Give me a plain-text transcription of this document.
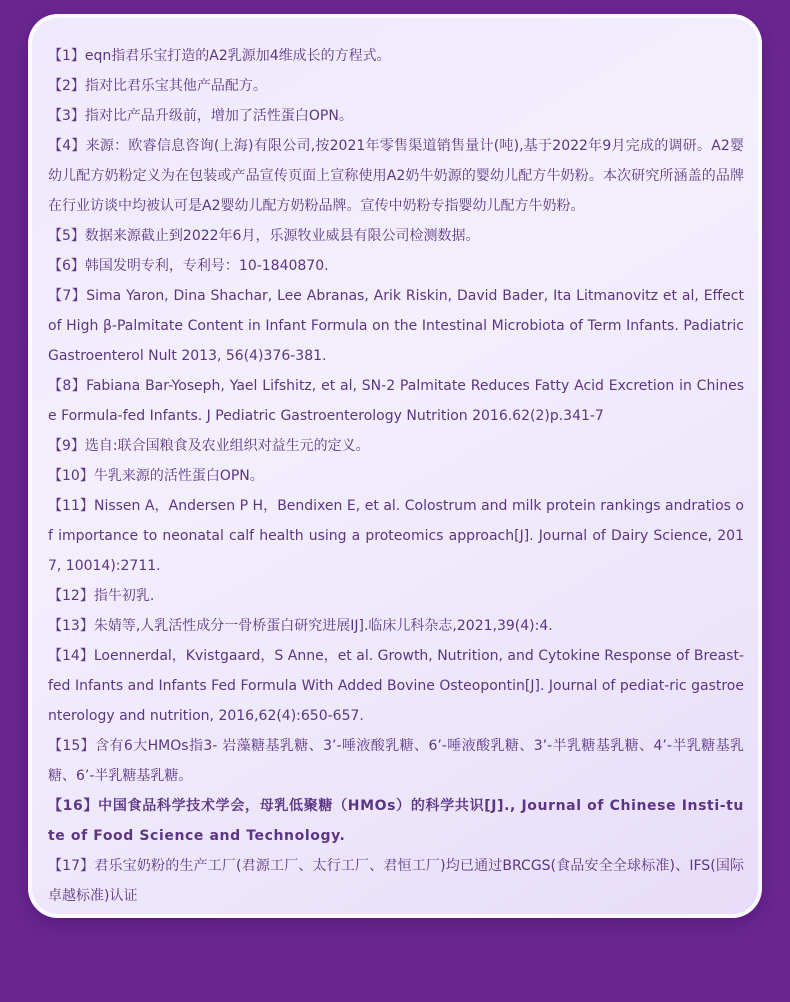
【1】eqn指君乐宝打造的A2乳源加4维成长的方程式。

【2】指对比君乐宝其他产品配方。

【3】指对比产品升级前，增加了活性蛋白OPN。

【4】来源：欧睿信息咨询(上海)有限公司,按2021年零售渠道销售量计(吨),基于2022年9月完成的调研。A2婴幼儿配方奶粉定义为在包装或产品宣传页面上宣称使用A2奶牛奶源的婴幼儿配方牛奶粉。本次研究所涵盖的品牌在行业访谈中均被认可是A2婴幼儿配方奶粉品牌。宣传中奶粉专指婴幼儿配方牛奶粉。

【5】数据来源截止到2022年6月，乐源牧业威县有限公司检测数据。

【6】韩国发明专利，专利号：10-1840870.

【7】Sima Yaron, Dina Shachar, Lee Abranas, Arik Riskin, David Bader, Ita Litmanovitz et al, Effect of High β-Palmitate Content in Infant Formula on the Intestinal Microbiota of Term Infants. Padiatric Gastroenterol Nult 2013, 56(4)376-381.

【8】Fabiana Bar-Yoseph, Yael Lifshitz, et al, SN-2 Palmitate Reduces Fatty Acid Excretion in Chinese Formula-fed Infants. J Pediatric Gastroenterology Nutrition 2016.62(2)p.341-7

【9】选自:联合国粮食及农业组织对益生元的定义。

【10】牛乳来源的活性蛋白OPN。

【11】Nissen A，Andersen P H，Bendixen E, et al. Colostrum and milk protein rankings andratios of importance to neonatal calf health using a proteomics approach[J]. Journal of Dairy Science, 2017, 10014):2711.

【12】指牛初乳.

【13】朱婧等,人乳活性成分一骨桥蛋白研究进展IJ].临床儿科杂志,2021,39(4):4.

【14】Loennerdal，Kvistgaard，S Anne，et al. Growth, Nutrition, and Cytokine Response of Breast-fed Infants and Infants Fed Formula With Added Bovine Osteopontin[J]. Journal of pediat-ric gastroenterology and nutrition, 2016,62(4):650-657.

【15】含有6大HMOs指3- 岩藻糖基乳糖、3’-唾液酸乳糖、6’-唾液酸乳糖、3’-半乳糖基乳糖、4’-半乳糖基乳糖、6’-半乳糖基乳糖。

【16】中国食品科学技术学会，母乳低聚糖（HMOs）的科学共识[J]., Journal of Chinese Insti-tute of Food Science and Technology.

【17】君乐宝奶粉的生产工厂(君源工厂、太行工厂、君恒工厂)均已通过BRCGS(食品安全全球标准)、IFS(国际卓越标准)认证
